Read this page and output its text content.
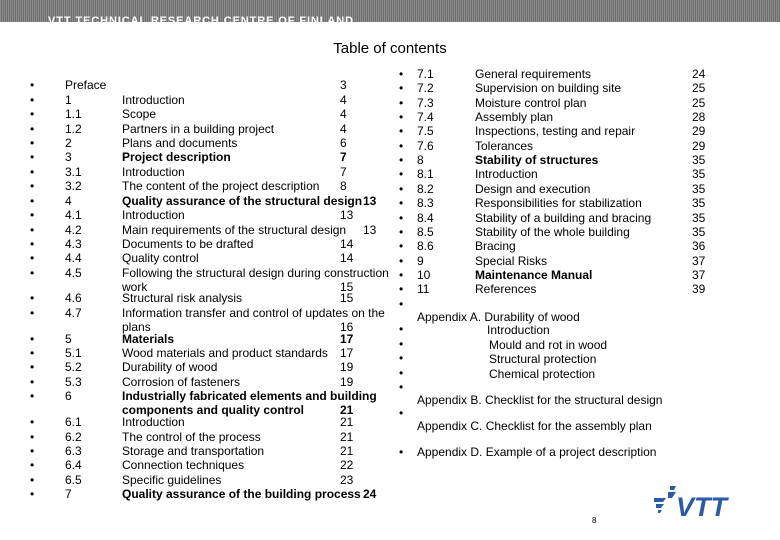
VTT TECHNICAL RESEARCH CENTRE OF FINLAND
Table of contents
•	Preface	3
•	1	Introduction	4
•	1.1	Scope	4
•	1.2	Partners in a building project	4
•	2	Plans and documents	6
•	3	Project description	7
•	3.1	Introduction	7
•	3.2	The content of the project description 8
•	4	Quality assurance of the structural design 13
•	4.1	Introduction	13
•	4.2	Main requirements of the structural design 13
•	4.3	Documents to be drafted	14
•	4.4	Quality control	14
•	4.5	Following the structural design during construction
work	15
•	4.6	Structural risk analysis	15
•	4.7	Information transfer and control of updates on the
plans	16
•	5	Materials	17
•	5.1	Wood materials and product standards 17
•	5.2	Durability of wood	19
•	5.3	Corrosion of fasteners	19
•	6	Industrially fabricated elements and building
components and quality control	21
•	6.1	Introduction	21
•	6.2	The control of the process	21
•	6.3	Storage and transportation	21
•	6.4	Connection techniques	22
•	6.5	Specific guidelines	23
•	7	Quality assurance of the building process 24
• 7.1	General requirements	24
• 7.2	Supervision on building site	25
• 7.3	Moisture control plan	25
• 7.4	Assembly plan	28
• 7.5	Inspections, testing and repair	29
• 7.6	Tolerances	29
• 8	Stability of structures	35
• 8.1	Introduction	35
• 8.2	Design and execution	35
• 8.3	Responsibilities for stabilization	35
• 8.4	Stability of a building and bracing	35
• 8.5	Stability of the whole building	35
• 8.6	Bracing	36
• 9	Special Risks	37
• 10	Maintenance Manual	37
• 11	References	39
•
Appendix A. Durability of wood
•
•
•
•
•
Introduction
Mould and rot in wood
Structural protection
Chemical protection
Appendix B. Checklist for the structural design
•
Appendix C. Checklist for the assembly plan
• Appendix D. Example of a project description
VTT
8
